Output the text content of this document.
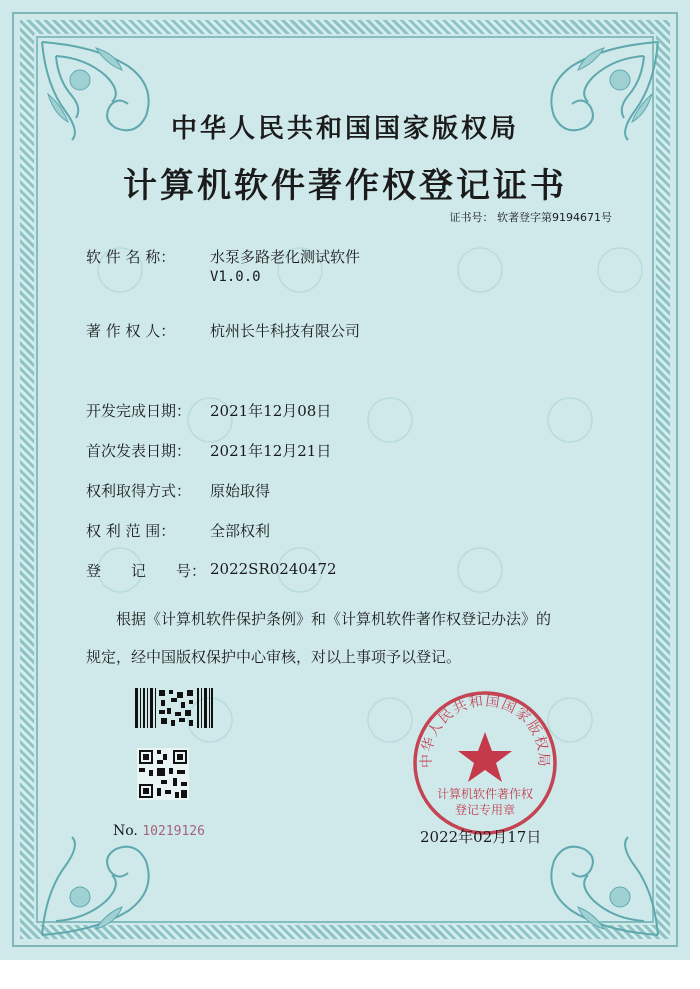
中华人民共和国国家版权局
计算机软件著作权登记证书
证书号： 软著登字第9194671号
软 件 名 称： 水泵多路老化测试软件
V1.0.0
著 作 权 人： 杭州长牛科技有限公司
开发完成日期： 2021年12月08日
首次发表日期： 2021年12月21日
权利取得方式： 原始取得
权 利 范 围： 全部权利
登　　记　　号： 2022SR0240472
根据《计算机软件保护条例》和《计算机软件著作权登记办法》的
规定，经中国版权保护中心审核，对以上事项予以登记。
No. 10219126
中华人民共和国国家版权局
计算机软件著作权
登记专用章
2022年02月17日
